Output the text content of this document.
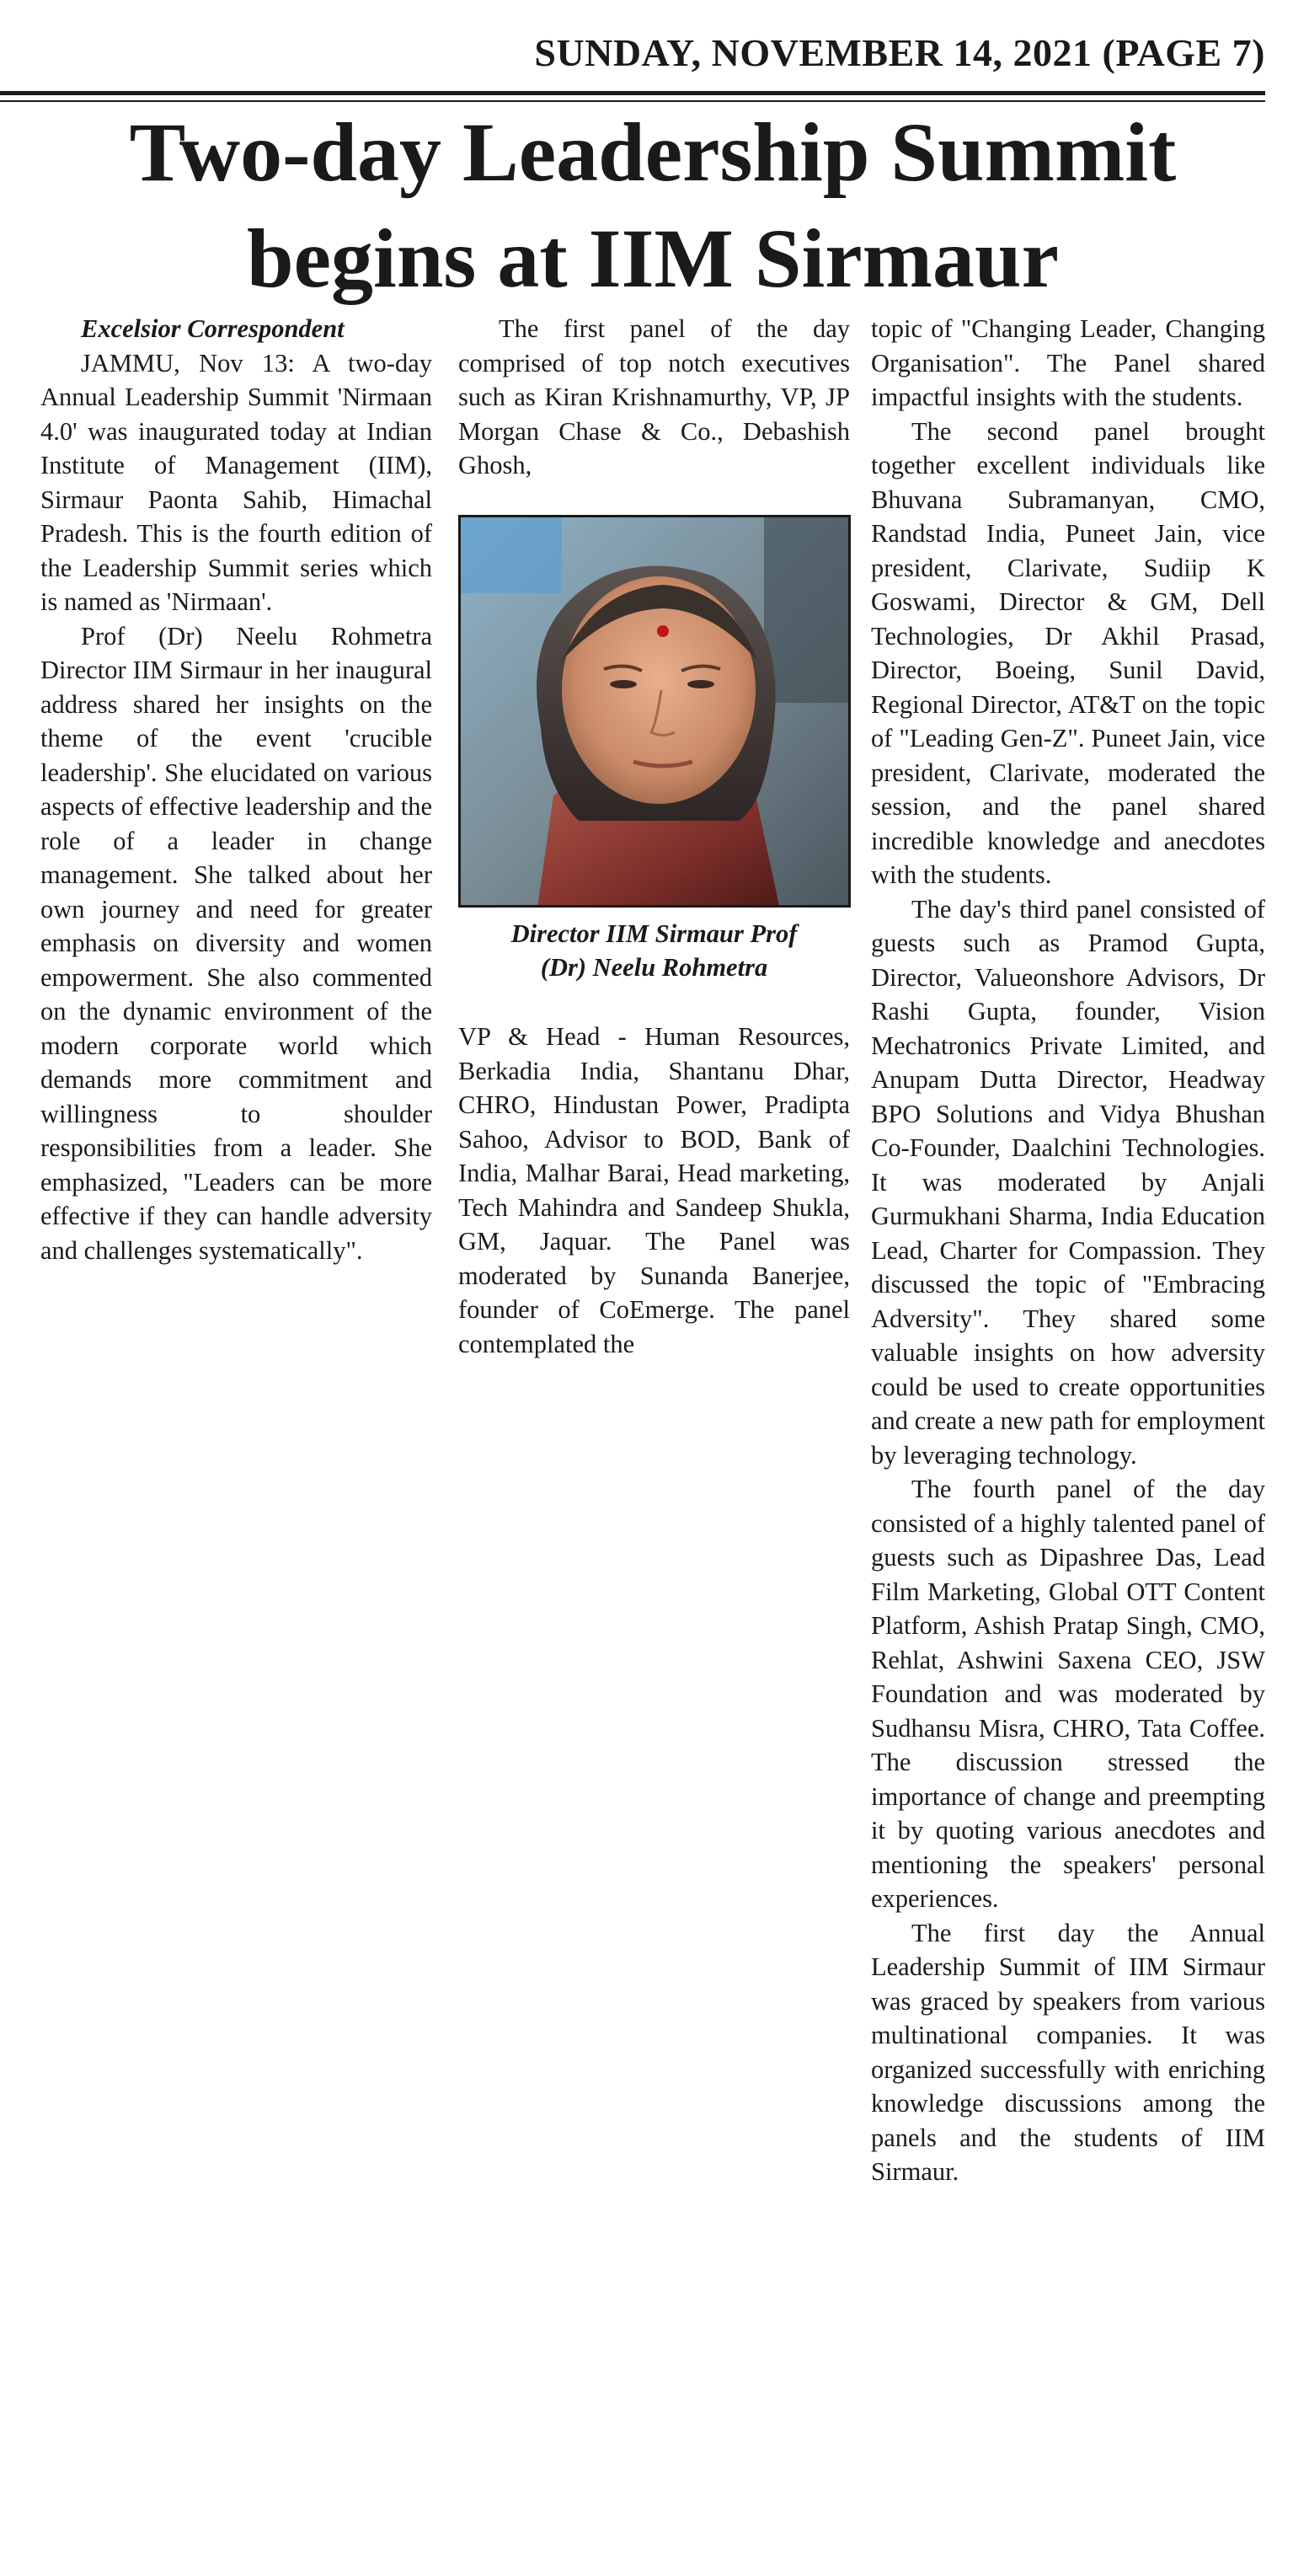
SUNDAY, NOVEMBER 14, 2021 (PAGE 7)
Two-day Leadership Summit
begins at IIM Sirmaur

Excelsior Correspondent

JAMMU, Nov 13: A two-day Annual Leadership Summit 'Nirmaan 4.0' was inaugurated today at Indian Institute of Management (IIM), Sirmaur Paonta Sahib, Himachal Pradesh. This is the fourth edition of the Leadership Summit series which is named as 'Nirmaan'.

Prof (Dr) Neelu Rohmetra Director IIM Sirmaur in her inaugural address shared her insights on the theme of the event 'crucible leadership'. She elucidated on various aspects of effective leadership and the role of a leader in change management. She talked about her own journey and need for greater emphasis on diversity and women empowerment. She also commented on the dynamic environment of the modern corporate world which demands more commitment and willingness to shoulder responsibilities from a leader. She emphasized, "Leaders can be more effective if they can handle adversity and challenges systematically".

The first panel of the day comprised of top notch executives such as Kiran Krishnamurthy, VP, JP Morgan Chase & Co., Debashish Ghosh,

Director IIM Sirmaur Prof
(Dr) Neelu Rohmetra

VP & Head - Human Resources, Berkadia India, Shantanu Dhar, CHRO, Hindustan Power, Pradipta Sahoo, Advisor to BOD, Bank of India, Malhar Barai, Head marketing, Tech Mahindra and Sandeep Shukla, GM, Jaquar. The Panel was moderated by Sunanda Banerjee, founder of CoEmerge. The panel contemplated the

topic of "Changing Leader, Changing Organisation". The Panel shared impactful insights with the students.

The second panel brought together excellent individuals like Bhuvana Subramanyan, CMO, Randstad India, Puneet Jain, vice president, Clarivate, Sudiip K Goswami, Director & GM, Dell Technologies, Dr Akhil Prasad, Director, Boeing, Sunil David, Regional Director, AT&T on the topic of "Leading Gen-Z". Puneet Jain, vice president, Clarivate, moderated the session, and the panel shared incredible knowledge and anecdotes with the students.

The day's third panel consisted of guests such as Pramod Gupta, Director, Valueonshore Advisors, Dr Rashi Gupta, founder, Vision Mechatronics Private Limited, and Anupam Dutta Director, Headway BPO Solutions and Vidya Bhushan Co-Founder, Daalchini Technologies. It was moderated by Anjali Gurmukhani Sharma, India Education Lead, Charter for Compassion. They discussed the topic of "Embracing Adversity". They shared some valuable insights on how adversity could be used to create opportunities and create a new path for employment by leveraging technology.

The fourth panel of the day consisted of a highly talented panel of guests such as Dipashree Das, Lead Film Marketing, Global OTT Content Platform, Ashish Pratap Singh, CMO, Rehlat, Ashwini Saxena CEO, JSW Foundation and was moderated by Sudhansu Misra, CHRO, Tata Coffee. The discussion stressed the importance of change and preempting it by quoting various anecdotes and mentioning the speakers' personal experiences.

The first day the Annual Leadership Summit of IIM Sirmaur was graced by speakers from various multinational companies. It was organized successfully with enriching knowledge discussions among the panels and the students of IIM Sirmaur.
